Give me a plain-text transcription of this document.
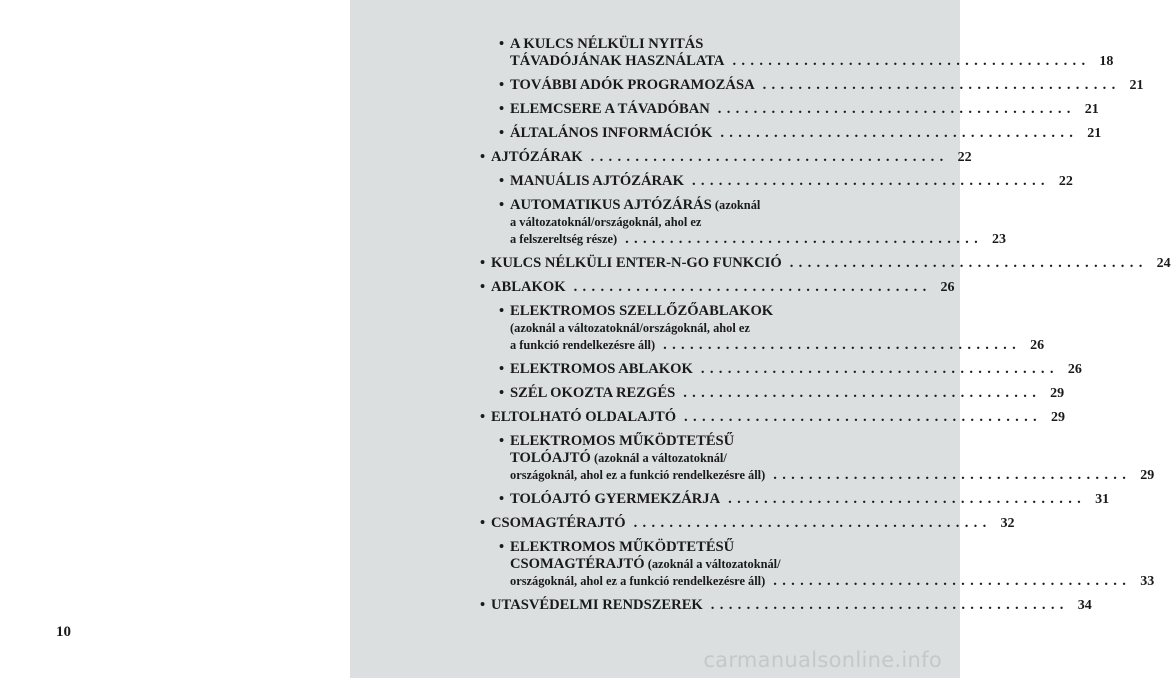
10
• A KULCS NÉLKÜLI NYITÁS
TÁVADÓJÁNAK HASZNÁLATA ........................................ 18
• TOVÁBBI ADÓK PROGRAMOZÁSA ........................................ 21
• ELEMCSERE A TÁVADÓBAN ........................................ 21
• ÁLTALÁNOS INFORMÁCIÓK ........................................ 21
• AJTÓZÁRAK ........................................ 22
• MANUÁLIS AJTÓZÁRAK ........................................ 22
• AUTOMATIKUS AJTÓZÁRÁS (azoknál
a változatoknál/országoknál, ahol ez
a felszereltség része) ........................................ 23
• KULCS NÉLKÜLI ENTER-N-GO FUNKCIÓ ........................................ 24
• ABLAKOK ........................................ 26
• ELEKTROMOS SZELLŐZŐABLAKOK
(azoknál a változatoknál/országoknál, ahol ez
a funkció rendelkezésre áll) ........................................ 26
• ELEKTROMOS ABLAKOK ........................................ 26
• SZÉL OKOZTA REZGÉS ........................................ 29
• ELTOLHATÓ OLDALAJTÓ ........................................ 29
• ELEKTROMOS MŰKÖDTETÉSŰ
TOLÓAJTÓ (azoknál a változatoknál/
országoknál, ahol ez a funkció rendelkezésre áll) ........................................ 29
• TOLÓAJTÓ GYERMEKZÁRJA ........................................ 31
• CSOMAGTÉRAJTÓ ........................................ 32
• ELEKTROMOS MŰKÖDTETÉSŰ
CSOMAGTÉRAJTÓ (azoknál a változatoknál/
országoknál, ahol ez a funkció rendelkezésre áll) ........................................ 33
• UTASVÉDELMI RENDSZEREK ........................................ 34
carmanualsonline.info
